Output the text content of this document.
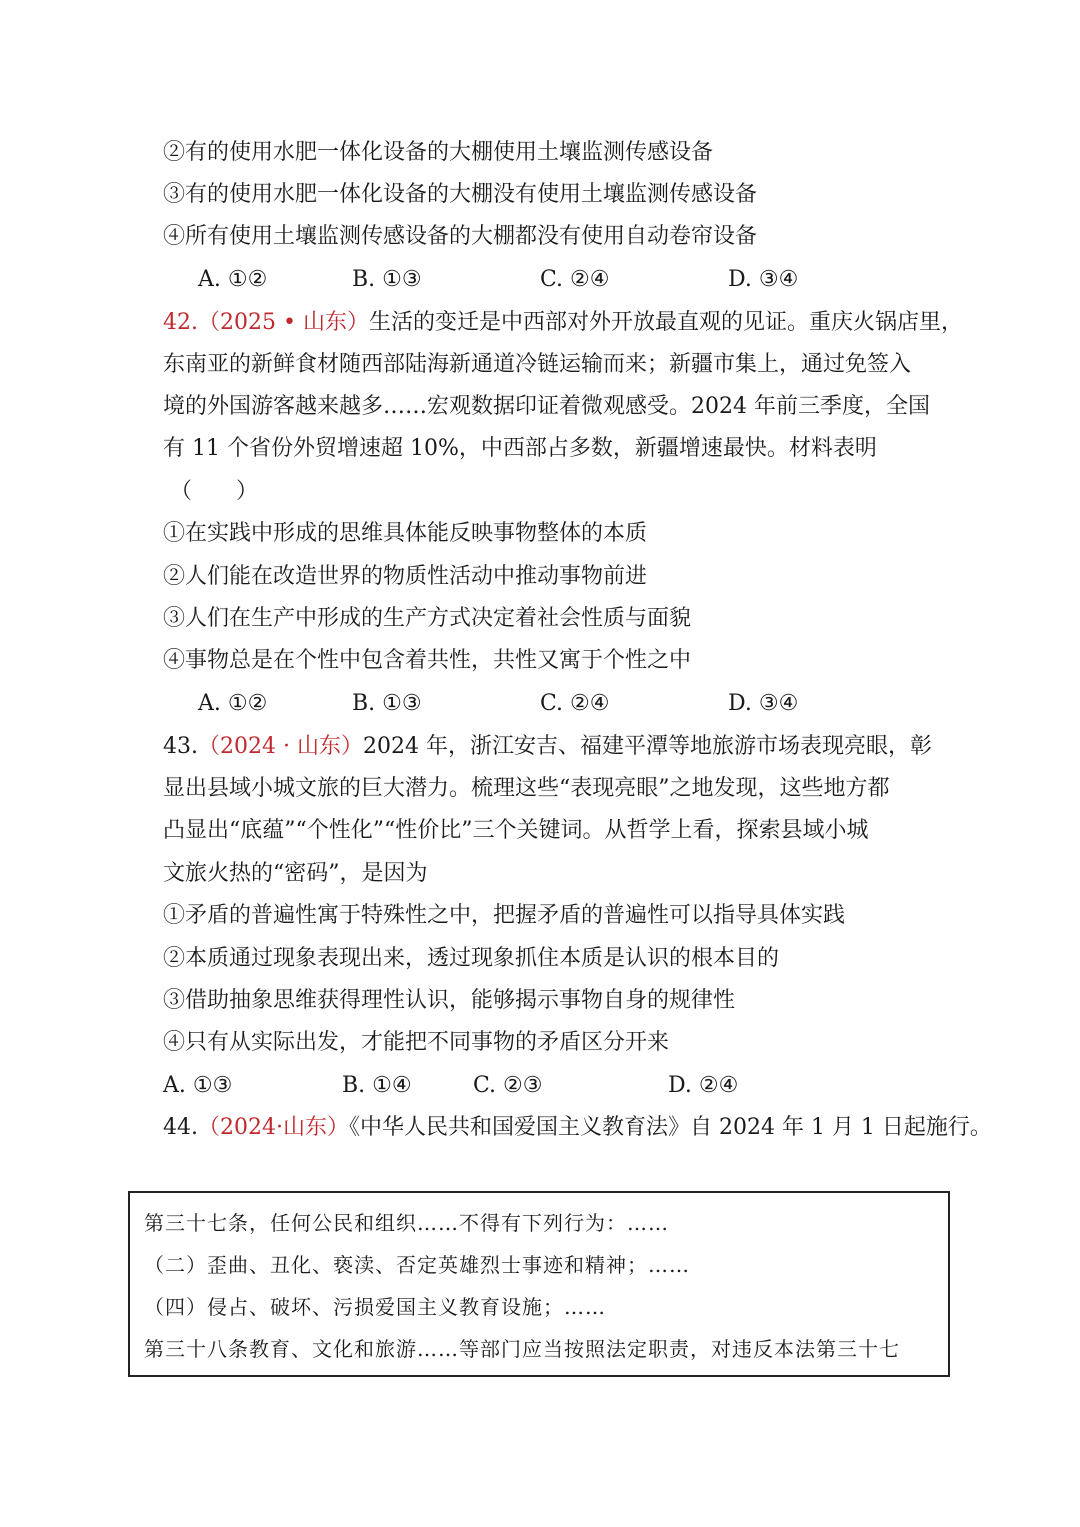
②有的使用水肥一体化设备的大棚使用土壤监测传感设备
③有的使用水肥一体化设备的大棚没有使用土壤监测传感设备
④所有使用土壤监测传感设备的大棚都没有使用自动卷帘设备
A. ①②	B. ①③	C. ②④	D. ③④
42.（2025 • 山东）生活的变迁是中西部对外开放最直观的见证。重庆火锅店里，
东南亚的新鲜食材随西部陆海新通道冷链运输而来；新疆市集上，通过免签入
境的外国游客越来越多……宏观数据印证着微观感受。2024 年前三季度，全国
有 11 个省份外贸增速超 10%，中西部占多数，新疆增速最快。材料表明
（　　）
①在实践中形成的思维具体能反映事物整体的本质
②人们能在改造世界的物质性活动中推动事物前进
③人们在生产中形成的生产方式决定着社会性质与面貌
④事物总是在个性中包含着共性，共性又寓于个性之中
A. ①②	B. ①③	C. ②④	D. ③④
43.（2024 · 山东）2024 年，浙江安吉、福建平潭等地旅游市场表现亮眼，彰
显出县域小城文旅的巨大潜力。梳理这些“表现亮眼”之地发现，这些地方都
凸显出“底蕴”“个性化”“性价比”三个关键词。从哲学上看，探索县域小城
文旅火热的“密码”，是因为
①矛盾的普遍性寓于特殊性之中，把握矛盾的普遍性可以指导具体实践
②本质通过现象表现出来，透过现象抓住本质是认识的根本目的
③借助抽象思维获得理性认识，能够揭示事物自身的规律性
④只有从实际出发，才能把不同事物的矛盾区分开来
A. ①③	B. ①④	C. ②③	D. ②④
44.（2024·山东）《中华人民共和国爱国主义教育法》自 2024 年 1 月 1 日起施行。
第三十七条，任何公民和组织……不得有下列行为：……
（二）歪曲、丑化、亵渎、否定英雄烈士事迹和精神；……
（四）侵占、破坏、污损爱国主义教育设施；……
第三十八条教育、文化和旅游……等部门应当按照法定职责，对违反本法第三十七
